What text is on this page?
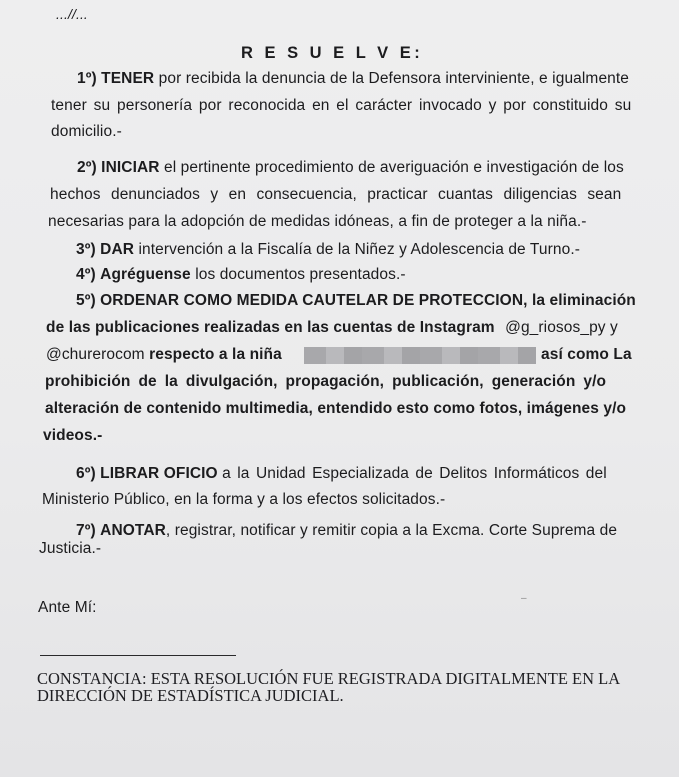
​
...//...
R E S U E L V E:
1º) TENER por recibida la denuncia de la Defensora interviniente, e igualmente
tener su personería por reconocida en el carácter invocado y por constituido su
domicilio.-
2º) INICIAR el pertinente procedimiento de averiguación e investigación de los
hechos denunciados y en consecuencia, practicar cuantas diligencias sean
necesarias para la adopción de medidas idóneas, a fin de proteger a la niña.-
3º) DAR intervención a la Fiscalía de la Niñez y Adolescencia de Turno.-
4º) Agréguense los documentos presentados.-
5º) ORDENAR COMO MEDIDA CAUTELAR DE PROTECCION, la eliminación
de las publicaciones realizadas en las cuentas de Instagram @g_riosos_py y
@churerocom respecto a la niña	así como La
prohibición de la divulgación, propagación, publicación, generación y/o
alteración de contenido multimedia, entendido esto como fotos, imágenes y/o
videos.-
6º) LIBRAR OFICIO a la Unidad Especializada de Delitos Informáticos del
Ministerio Público, en la forma y a los efectos solicitados.-
7º) ANOTAR, registrar, notificar y remitir copia a la Excma. Corte Suprema de
Justicia.-
Ante Mí:
–
CONSTANCIA: ESTA RESOLUCIÓN FUE REGISTRADA DIGITALMENTE EN LA
DIRECCIÓN DE ESTADÍSTICA JUDICIAL.
